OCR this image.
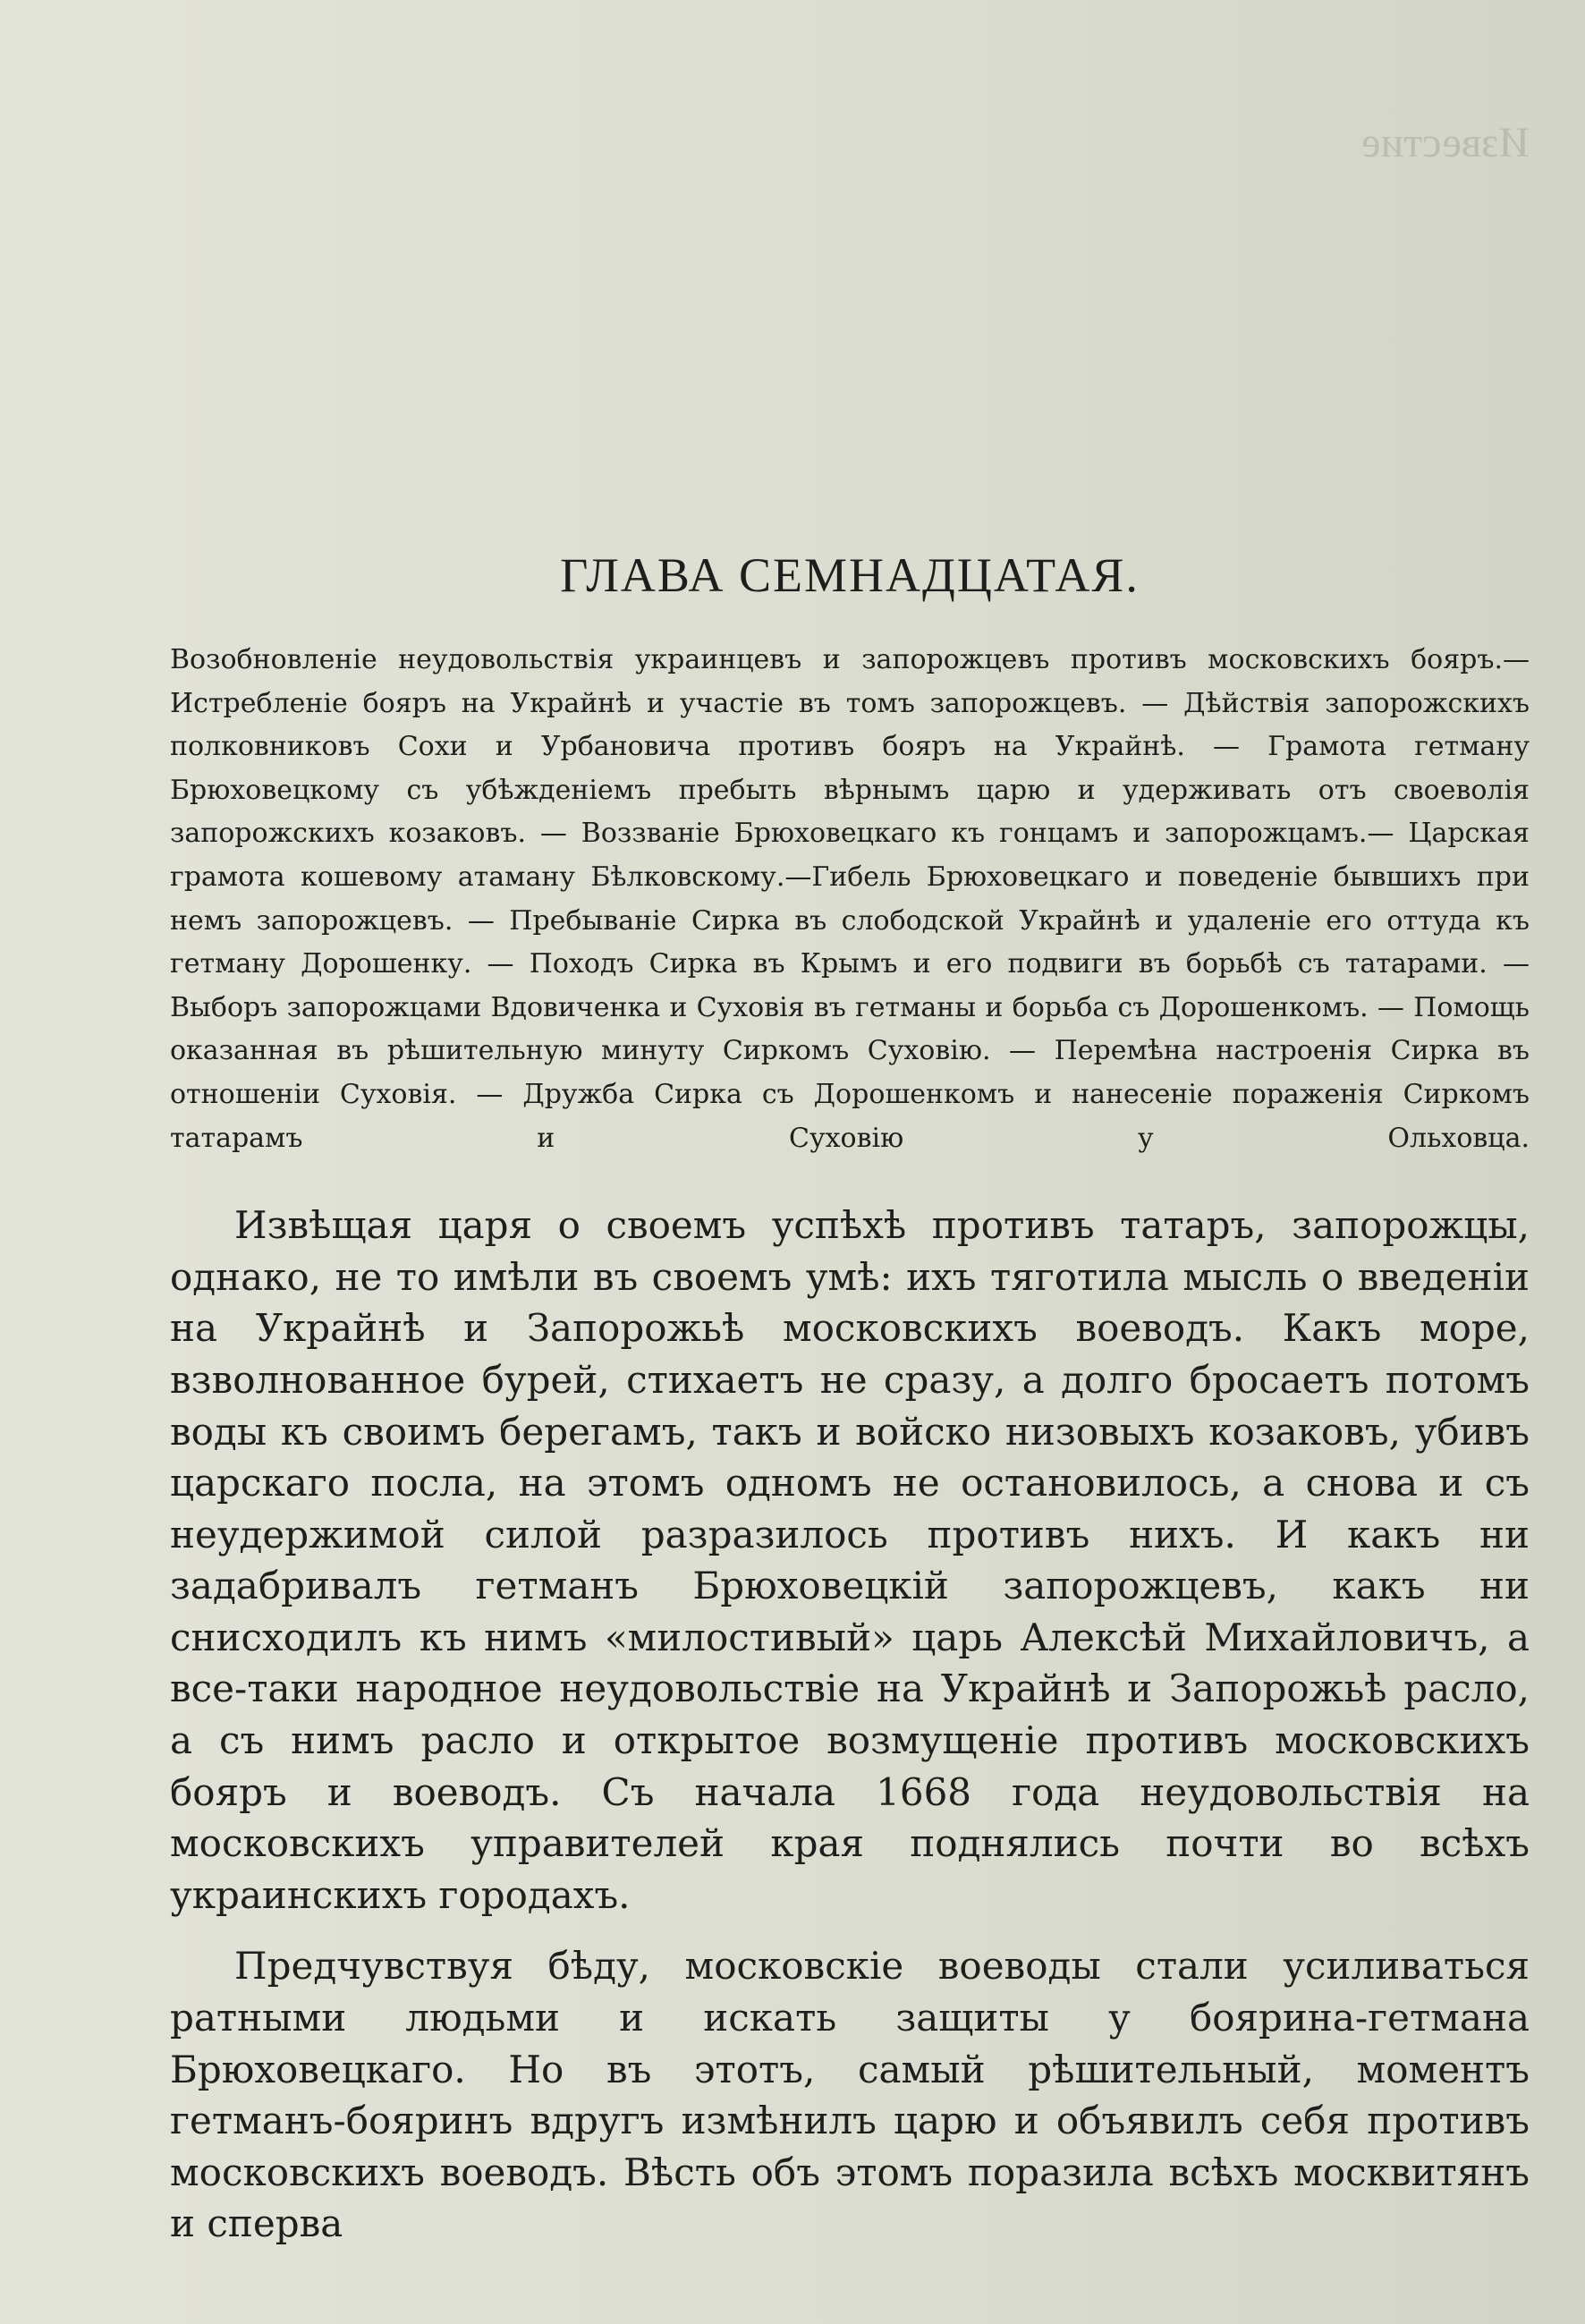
Известие

ГЛАВА СЕМНАДЦАТАЯ.

Возобновленіе неудовольствія украинцевъ и запорожцевъ противъ московскихъ бояръ.— Истребленіе бояръ на Украйнѣ и участіе въ томъ запорожцевъ. — Дѣйствія запорожскихъ полковниковъ Сохи и Урбановича противъ бояръ на Украйнѣ. — Грамота гетману Брюховецкому съ убѣжденіемъ пребыть вѣрнымъ царю и удерживать отъ своеволія запорожскихъ козаковъ. — Воззваніе Брюховецкаго къ гонцамъ и запорожцамъ.— Царская грамота кошевому атаману Бѣлковскому.—Гибель Брюховецкаго и поведеніе бывшихъ при немъ запорожцевъ. — Пребываніе Сирка въ слободской Украйнѣ и удаленіе его оттуда къ гетману Дорошенку. — Походъ Сирка въ Крымъ и его подвиги въ борьбѣ съ татарами. — Выборъ запорожцами Вдовиченка и Суховія въ гетманы и борьба съ Дорошенкомъ. — Помощь оказанная въ рѣшительную минуту Сиркомъ Суховію. — Перемѣна настроенія Сирка въ отношеніи Суховія. — Дружба Сирка съ Дорошенкомъ и нанесеніе пораженія Сиркомъ татарамъ и Суховію у Ольховца.

Извѣщая царя о своемъ успѣхѣ противъ татаръ, запорожцы, однако, не то имѣли въ своемъ умѣ: ихъ тяготила мысль о введеніи на Украйнѣ и Запорожьѣ московскихъ воеводъ. Какъ море, взволнованное бурей, стихаетъ не сразу, а долго бросаетъ потомъ воды къ своимъ берегамъ, такъ и войско низовыхъ козаковъ, убивъ царскаго посла, на этомъ одномъ не остановилось, а снова и съ неудержимой силой разразилось противъ нихъ. И какъ ни задабривалъ гетманъ Брюховецкій запорожцевъ, какъ ни снисходилъ къ нимъ «милостивый» царь Алексѣй Михайловичъ, а все-таки народное неудовольствіе на Украйнѣ и Запорожьѣ расло, а съ нимъ расло и открытое возмущеніе противъ московскихъ бояръ и воеводъ. Съ начала 1668 года неудовольствія на московскихъ управителей края поднялись почти во всѣхъ украинскихъ городахъ.

Предчувствуя бѣду, московскіе воеводы стали усиливаться ратными людьми и искать защиты у боярина-гетмана Брюховецкаго. Но въ этотъ, самый рѣшительный, моментъ гетманъ-бояринъ вдругъ измѣнилъ царю и объявилъ себя противъ московскихъ воеводъ. Вѣсть объ этомъ поразила всѣхъ москвитянъ и сперва
